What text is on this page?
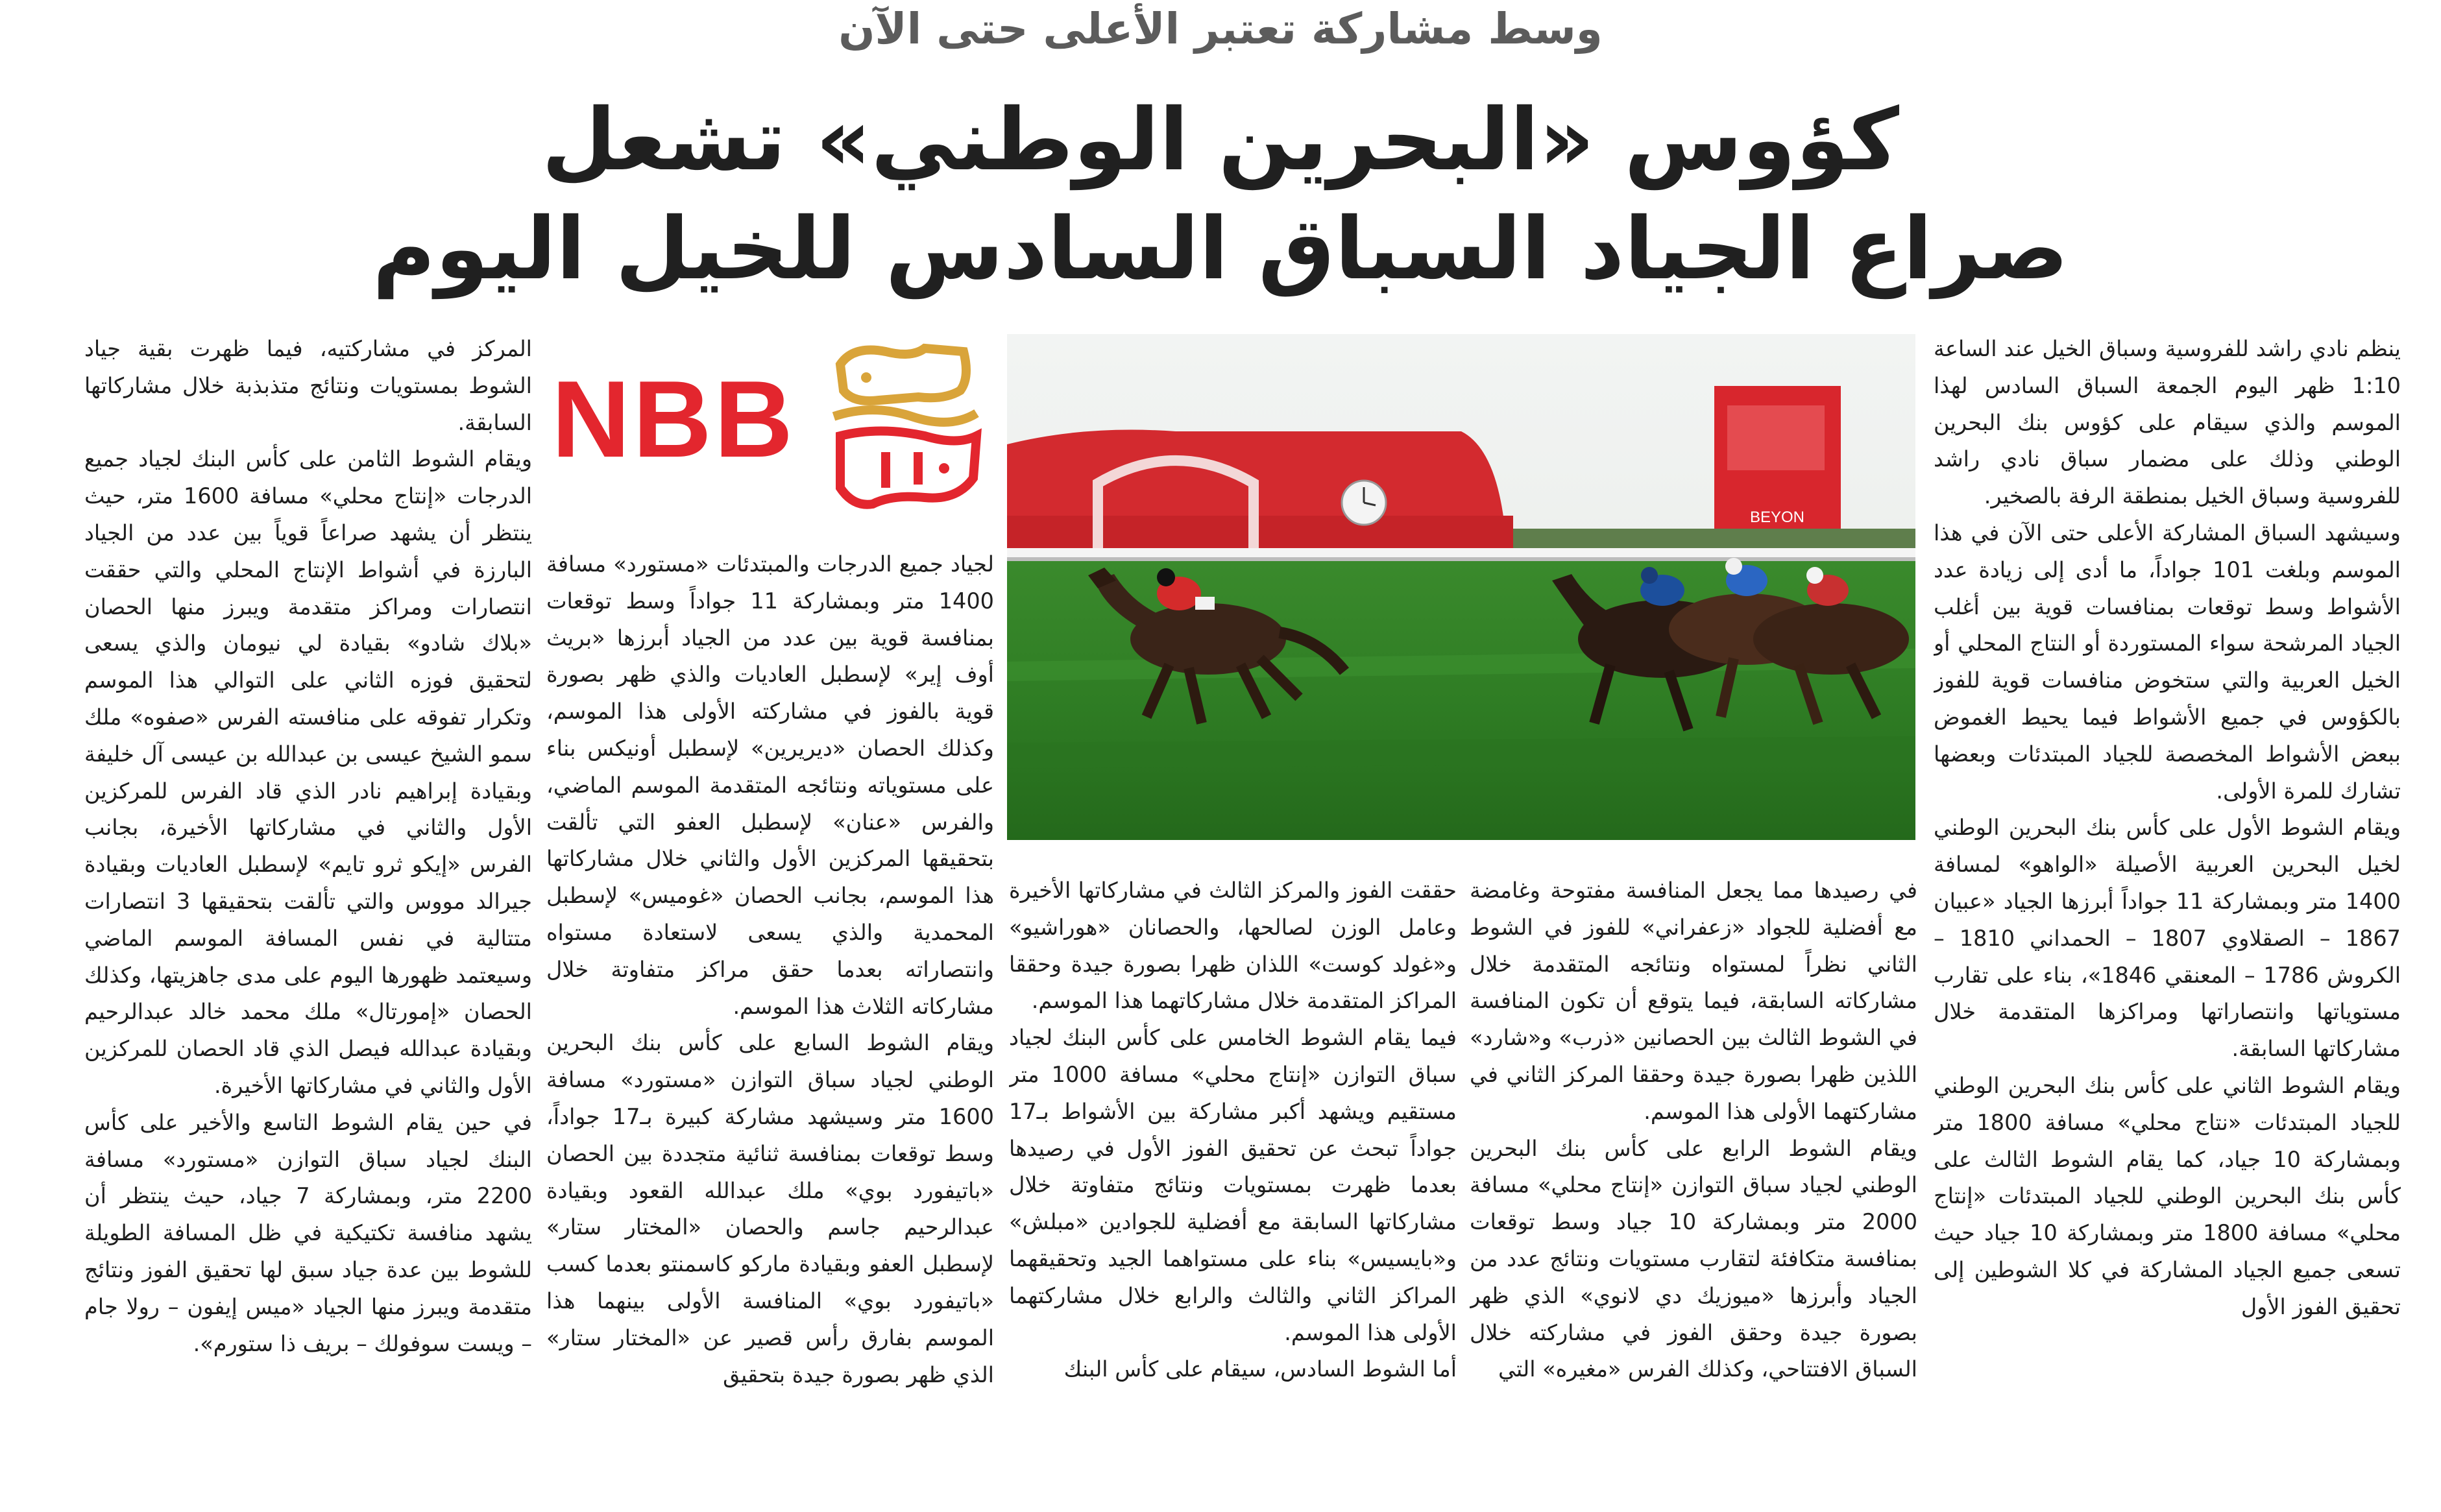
وسط مشاركة تعتبر الأعلى حتى الآن

كؤوس «البحرين الوطني» تشعل
صراع الجياد السباق السادس للخيل اليوم

ينظم نادي راشد للفروسية وسباق الخيل عند الساعة 1:10 ظهر اليوم الجمعة السباق السادس لهذا الموسم والذي سيقام على كؤوس بنك البحرين الوطني وذلك على مضمار سباق نادي راشد للفروسية وسباق الخيل بمنطقة الرفة بالصخير.

وسيشهد السباق المشاركة الأعلى حتى الآن في هذا الموسم وبلغت 101 جواداً، ما أدى إلى زيادة عدد الأشواط وسط توقعات بمنافسات قوية بين أغلب الجياد المرشحة سواء المستوردة أو النتاج المحلي أو الخيل العربية والتي ستخوض منافسات قوية للفوز بالكؤوس في جميع الأشواط فيما يحيط الغموض ببعض الأشواط المخصصة للجياد المبتدئات وبعضها تشارك للمرة الأولى.

ويقام الشوط الأول على كأس بنك البحرين الوطني لخيل البحرين العربية الأصيلة «الواهو» لمسافة 1400 متر وبمشاركة 11 جواداً أبرزها الجياد «عبيان 1867 – الصقلاوي 1807 – الحمداني 1810 – الكروش 1786 – المعنقي 1846»، بناء على تقارب مستوياتها وانتصاراتها ومراكزها المتقدمة خلال مشاركاتها السابقة.

ويقام الشوط الثاني على كأس بنك البحرين الوطني للجياد المبتدئات «نتاج محلي» مسافة 1800 متر وبمشاركة 10 جياد، كما يقام الشوط الثالث على كأس بنك البحرين الوطني للجياد المبتدئات «إنتاج محلي» مسافة 1800 متر وبمشاركة 10 جياد حيث تسعى جميع الجياد المشاركة في كلا الشوطين إلى تحقيق الفوز الأول

BEYON
NBB

في رصيدها مما يجعل المنافسة مفتوحة وغامضة مع أفضلية للجواد «زعفراني» للفوز في الشوط الثاني نظراً لمستواه ونتائجه المتقدمة خلال مشاركاته السابقة، فيما يتوقع أن تكون المنافسة في الشوط الثالث بين الحصانين «ذرب» و«شارد» اللذين ظهرا بصورة جيدة وحققا المركز الثاني في مشاركتهما الأولى هذا الموسم.

ويقام الشوط الرابع على كأس بنك البحرين الوطني لجياد سباق التوازن «إنتاج محلي» مسافة 2000 متر وبمشاركة 10 جياد وسط توقعات بمنافسة متكافئة لتقارب مستويات ونتائج عدد من الجياد وأبرزها «ميوزيك دي لانوي» الذي ظهر بصورة جيدة وحقق الفوز في مشاركته خلال السباق الافتتاحي، وكذلك الفرس «مغيره» التي

حققت الفوز والمركز الثالث في مشاركاتها الأخيرة وعامل الوزن لصالحها، والحصانان «هوراشيو» و«غولد كوست» اللذان ظهرا بصورة جيدة وحققا المراكز المتقدمة خلال مشاركاتهما هذا الموسم.

فيما يقام الشوط الخامس على كأس البنك لجياد سباق التوازن «إنتاج محلي» مسافة 1000 متر مستقيم ويشهد أكبر مشاركة بين الأشواط بـ17 جواداً تبحث عن تحقيق الفوز الأول في رصيدها بعدما ظهرت بمستويات ونتائج متفاوتة خلال مشاركاتها السابقة مع أفضلية للجوادين «مبلش» و«بايسيس» بناء على مستواهما الجيد وتحقيقهما المراكز الثاني والثالث والرابع خلال مشاركتهما الأولى هذا الموسم.

أما الشوط السادس، سيقام على كأس البنك

لجياد جميع الدرجات والمبتدئات «مستورد» مسافة 1400 متر وبمشاركة 11 جواداً وسط توقعات بمنافسة قوية بين عدد من الجياد أبرزها «بريث أوف إير» لإسطبل العاديات والذي ظهر بصورة قوية بالفوز في مشاركته الأولى هذا الموسم، وكذلك الحصان «ديريرين» لإسطبل أونيكس بناء على مستوياته ونتائجه المتقدمة الموسم الماضي، والفرس «عنان» لإسطبل العفو التي تألقت بتحقيقها المركزين الأول والثاني خلال مشاركاتها هذا الموسم، بجانب الحصان «غوميس» لإسطبل المحمدية والذي يسعى لاستعادة مستواه وانتصاراته بعدما حقق مراكز متفاوتة خلال مشاركاته الثلاث هذا الموسم.

ويقام الشوط السابع على كأس بنك البحرين الوطني لجياد سباق التوازن «مستورد» مسافة 1600 متر وسيشهد مشاركة كبيرة بـ17 جواداً، وسط توقعات بمنافسة ثنائية متجددة بين الحصان «باتيفورد بوي» ملك عبدالله القعود وبقيادة عبدالرحيم جاسم والحصان «المختار ستار» لإسطبل العفو وبقيادة ماركو كاسمنتو بعدما كسب «باتيفورد بوي» المنافسة الأولى بينهما هذا الموسم بفارق رأس قصير عن «المختار ستار» الذي ظهر بصورة جيدة بتحقيق

المركز في مشاركتيه، فيما ظهرت بقية جياد الشوط بمستويات ونتائج متذبذبة خلال مشاركاتها السابقة.

ويقام الشوط الثامن على كأس البنك لجياد جميع الدرجات «إنتاج محلي» مسافة 1600 متر، حيث ينتظر أن يشهد صراعاً قوياً بين عدد من الجياد البارزة في أشواط الإنتاج المحلي والتي حققت انتصارات ومراكز متقدمة ويبرز منها الحصان «بلاك شادو» بقيادة لي نيومان والذي يسعى لتحقيق فوزه الثاني على التوالي هذا الموسم وتكرار تفوقه على منافسته الفرس «صفوه» ملك سمو الشيخ عيسى بن عبدالله بن عيسى آل خليفة وبقيادة إبراهيم نادر الذي قاد الفرس للمركزين الأول والثاني في مشاركاتها الأخيرة، بجانب الفرس «إيكو ثرو تايم» لإسطبل العاديات وبقيادة جيرالد مووس والتي تألقت بتحقيقها 3 انتصارات متتالية في نفس المسافة الموسم الماضي وسيعتمد ظهورها اليوم على مدى جاهزيتها، وكذلك الحصان «إمورتال» ملك محمد خالد عبدالرحيم وبقيادة عبدالله فيصل الذي قاد الحصان للمركزين الأول والثاني في مشاركاتها الأخيرة.

في حين يقام الشوط التاسع والأخير على كأس البنك لجياد سباق التوازن «مستورد» مسافة 2200 متر، وبمشاركة 7 جياد، حيث ينتظر أن يشهد منافسة تكتيكية في ظل المسافة الطويلة للشوط بين عدة جياد سبق لها تحقيق الفوز ونتائج متقدمة ويبرز منها الجياد «ميس إيفون – رولا جام – ويست سوفولك – بريف ذا ستورم».
